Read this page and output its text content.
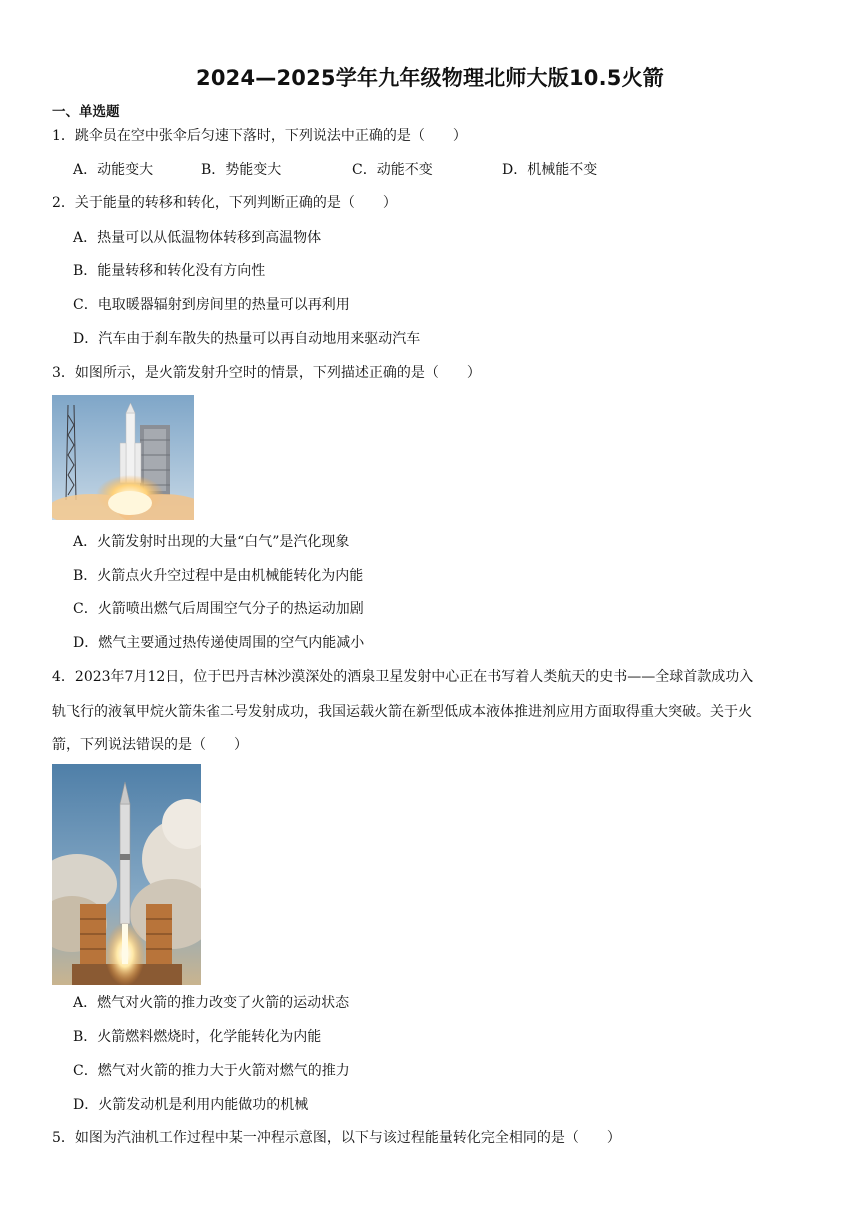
2024—2025学年九年级物理北师大版10.5火箭
一、单选题
1．跳伞员在空中张伞后匀速下落时，下列说法中正确的是（　　）
A．动能变大	B．势能变大	C．动能不变	D．机械能不变
2．关于能量的转移和转化，下列判断正确的是（　　）
A．热量可以从低温物体转移到高温物体
B．能量转移和转化没有方向性
C．电取暖器辐射到房间里的热量可以再利用
D．汽车由于刹车散失的热量可以再自动地用来驱动汽车
3．如图所示，是火箭发射升空时的情景，下列描述正确的是（　　）
A．火箭发射时出现的大量“白气”是汽化现象
B．火箭点火升空过程中是由机械能转化为内能
C．火箭喷出燃气后周围空气分子的热运动加剧
D．燃气主要通过热传递使周围的空气内能减小
4．2023年7月12日，位于巴丹吉林沙漠深处的酒泉卫星发射中心正在书写着人类航天的史书——全球首款成功入
轨飞行的液氧甲烷火箭朱雀二号发射成功，我国运载火箭在新型低成本液体推进剂应用方面取得重大突破。关于火
箭，下列说法错误的是（　　）
A．燃气对火箭的推力改变了火箭的运动状态
B．火箭燃料燃烧时，化学能转化为内能
C．燃气对火箭的推力大于火箭对燃气的推力
D．火箭发动机是利用内能做功的机械
5．如图为汽油机工作过程中某一冲程示意图，以下与该过程能量转化完全相同的是（　　）
